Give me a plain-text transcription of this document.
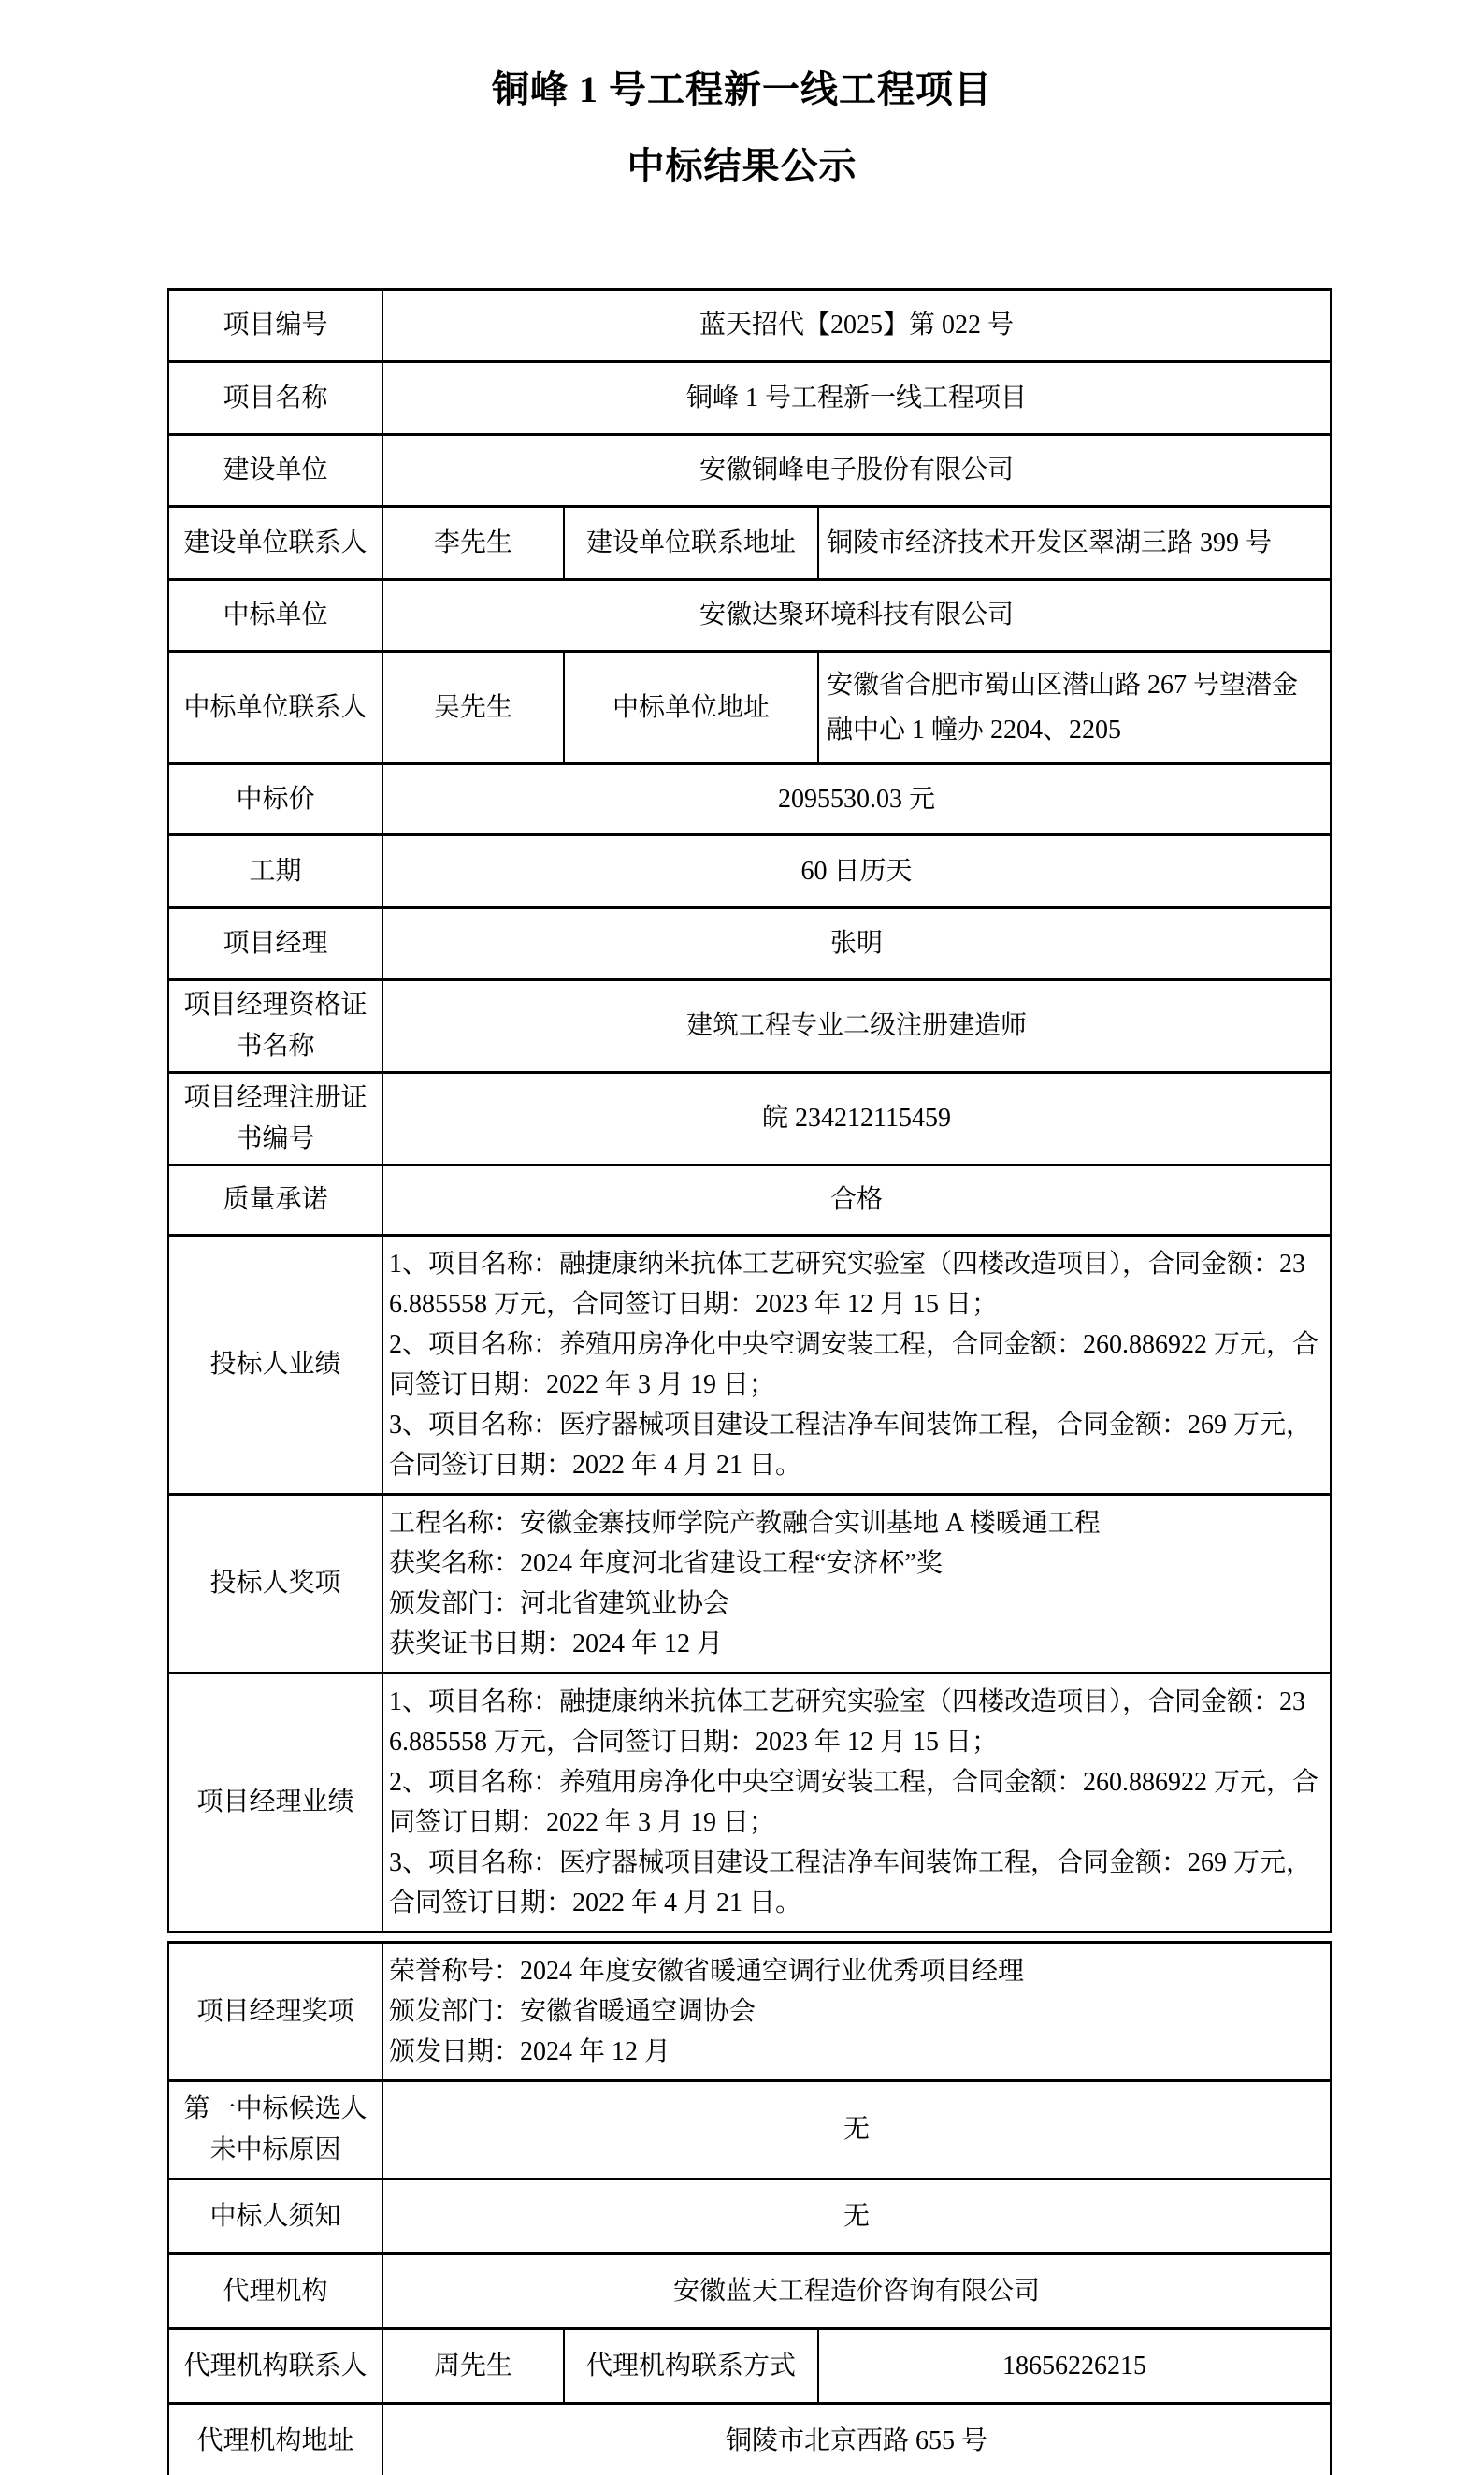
铜峰 1 号工程新一线工程项目
中标结果公示
项目编号	蓝天招代【2025】第 022 号		
项目名称	铜峰 1 号工程新一线工程项目		
建设单位	安徽铜峰电子股份有限公司		
建设单位联系人	李先生	建设单位联系地址	铜陵市经济技术开发区翠湖三路 399 号
中标单位	安徽达聚环境科技有限公司		
中标单位联系人	吴先生	中标单位地址	安徽省合肥市蜀山区潜山路 267 号望潜金融中心 1 幢办 2204、2205
中标价	2095530.03 元		
工期	60 日历天		
项目经理	张明		
项目经理资格证书名称	建筑工程专业二级注册建造师		
项目经理注册证书编号	皖 234212115459		
质量承诺	合格		
投标人业绩	1、项目名称：融捷康纳米抗体工艺研究实验室（四楼改造项目），合同金额：236.885558 万元，合同签订日期：2023 年 12 月 15 日；

2、项目名称：养殖用房净化中央空调安装工程，合同金额：260.886922 万元，合同签订日期：2022 年 3 月 19 日；

3、项目名称：医疗器械项目建设工程洁净车间装饰工程，合同金额：269 万元，合同签订日期：2022 年 4 月 21 日。		

投标人奖项	工程名称：安徽金寨技师学院产教融合实训基地 A 楼暖通工程

获奖名称：2024 年度河北省建设工程“安济杯”奖

颁发部门：河北省建筑业协会

获奖证书日期：2024 年 12 月		

项目经理业绩	1、项目名称：融捷康纳米抗体工艺研究实验室（四楼改造项目），合同金额：236.885558 万元，合同签订日期：2023 年 12 月 15 日；

2、项目名称：养殖用房净化中央空调安装工程，合同金额：260.886922 万元，合同签订日期：2022 年 3 月 19 日；

3、项目名称：医疗器械项目建设工程洁净车间装饰工程，合同金额：269 万元，合同签订日期：2022 年 4 月 21 日。		

项目经理奖项	荣誉称号：2024 年度安徽省暖通空调行业优秀项目经理

颁发部门：安徽省暖通空调协会

颁发日期：2024 年 12 月		

第一中标候选人未中标原因	无		
中标人须知	无		
代理机构	安徽蓝天工程造价咨询有限公司		
代理机构联系人	周先生	代理机构联系方式	18656226215
代理机构地址	铜陵市北京西路 655 号		
